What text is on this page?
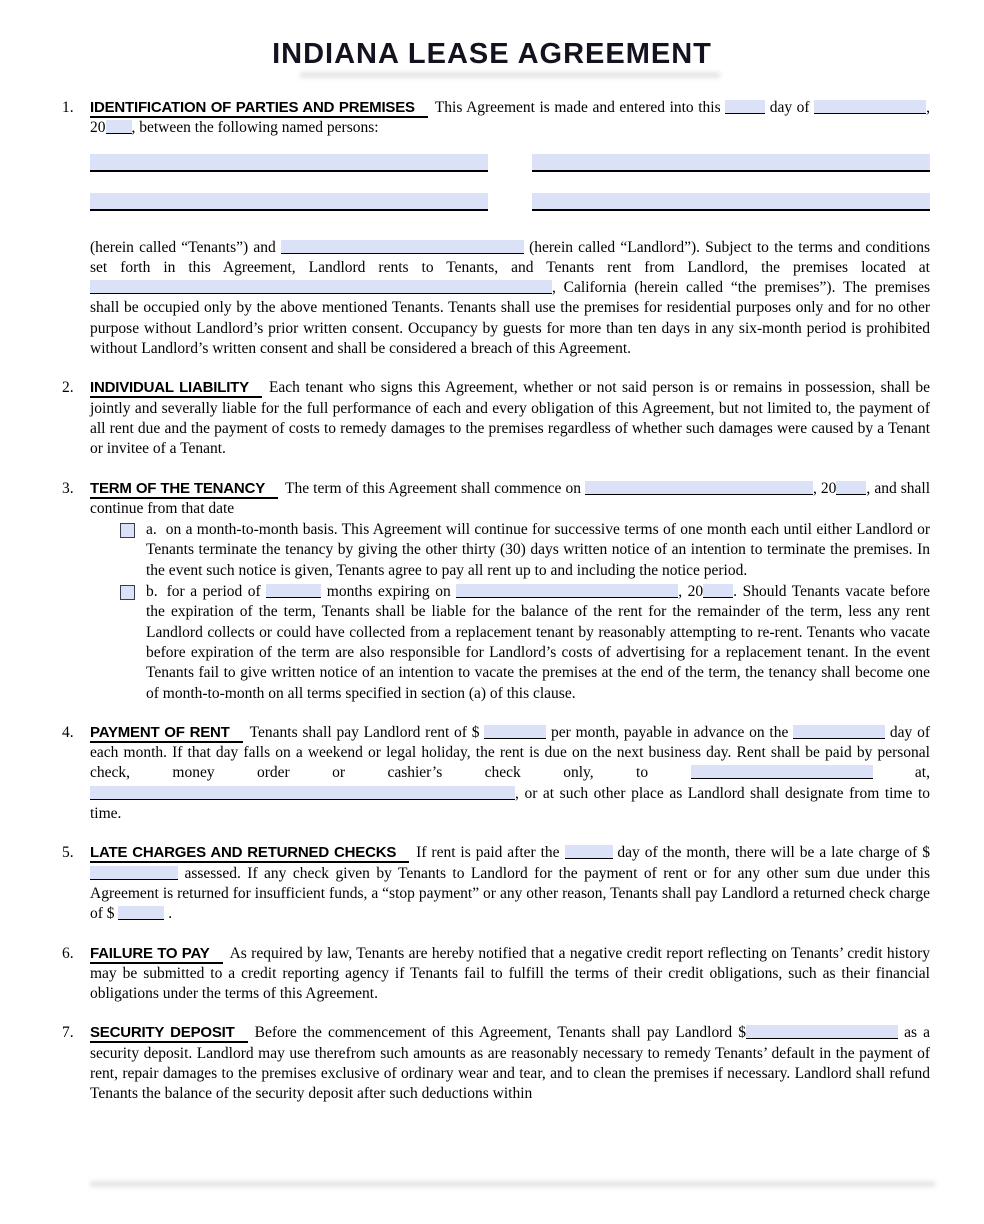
INDIANA LEASE AGREEMENT
1.	IDENTIFICATION OF PARTIES AND PREMISES This Agreement is made and entered into this	day of	, 20 , between the following named persons:
(herein called “Tenants”) and	(herein called “Landlord”). Subject to the terms and conditions set forth in this Agreement, Landlord rents to Tenants, and Tenants rent from Landlord, the premises located at , California (herein called “the premises”). The premises shall be occupied only by the above mentioned Tenants. Tenants shall use the premises for residential purposes only and for no other purpose without Landlord’s prior written consent. Occupancy by guests for more than ten days in any six-month period is prohibited without Landlord’s written consent and shall be considered a breach of this Agreement.
2.	INDIVIDUAL LIABILITY Each tenant who signs this Agreement, whether or not said person is or remains in possession, shall be jointly and severally liable for the full performance of each and every obligation of this Agreement, but not limited to, the payment of all rent due and the payment of costs to remedy damages to the premises regardless of whether such damages were caused by a Tenant or invitee of a Tenant.
3.	TERM OF THE TENANCY The term of this Agreement shall commence on	, 20 , and shall continue from that date
a. on a month-to-month basis. This Agreement will continue for successive terms of one month each until either Landlord or Tenants terminate the tenancy by giving the other thirty (30) days written notice of an intention to terminate the premises. In the event such notice is given, Tenants agree to pay all rent up to and including the notice period.
b. for a period of	months expiring on	, 20 . Should Tenants vacate before the expiration of the term, Tenants shall be liable for the balance of the rent for the remainder of the term, less any rent Landlord collects or could have collected from a replacement tenant by reasonably attempting to re-rent. Tenants who vacate before expiration of the term are also responsible for Landlord’s costs of advertising for a replacement tenant. In the event Tenants fail to give written notice of an intention to vacate the premises at the end of the term, the tenancy shall become one of month-to-month on all terms specified in section (a) of this clause.
4.	PAYMENT OF RENT Tenants shall pay Landlord rent of $	per month, payable in advance on the	day of each month. If that day falls on a weekend or legal holiday, the rent is due on the next business day. Rent shall be paid by personal check, money order or cashier’s check only, to	at, , or at such other place as Landlord shall designate from time to time.
5.	LATE CHARGES AND RETURNED CHECKS If rent is paid after the	day of the month, there will be a late charge of $  assessed. If any check given by Tenants to Landlord for the payment of rent or for any other sum due under this Agreement is returned for insufficient funds, a “stop payment” or any other reason, Tenants shall pay Landlord a returned check charge of $	.
6.	FAILURE TO PAY As required by law, Tenants are hereby notified that a negative credit report reflecting on Tenants’ credit history may be submitted to a credit reporting agency if Tenants fail to fulfill the terms of their credit obligations, such as their financial obligations under the terms of this Agreement.
7.	SECURITY DEPOSIT Before the commencement of this Agreement, Tenants shall pay Landlord $	as a security deposit. Landlord may use therefrom such amounts as are reasonably necessary to remedy Tenants’ default in the payment of rent, repair damages to the premises exclusive of ordinary wear and tear, and to clean the premises if necessary. Landlord shall refund Tenants the balance of the security deposit after such deductions within
